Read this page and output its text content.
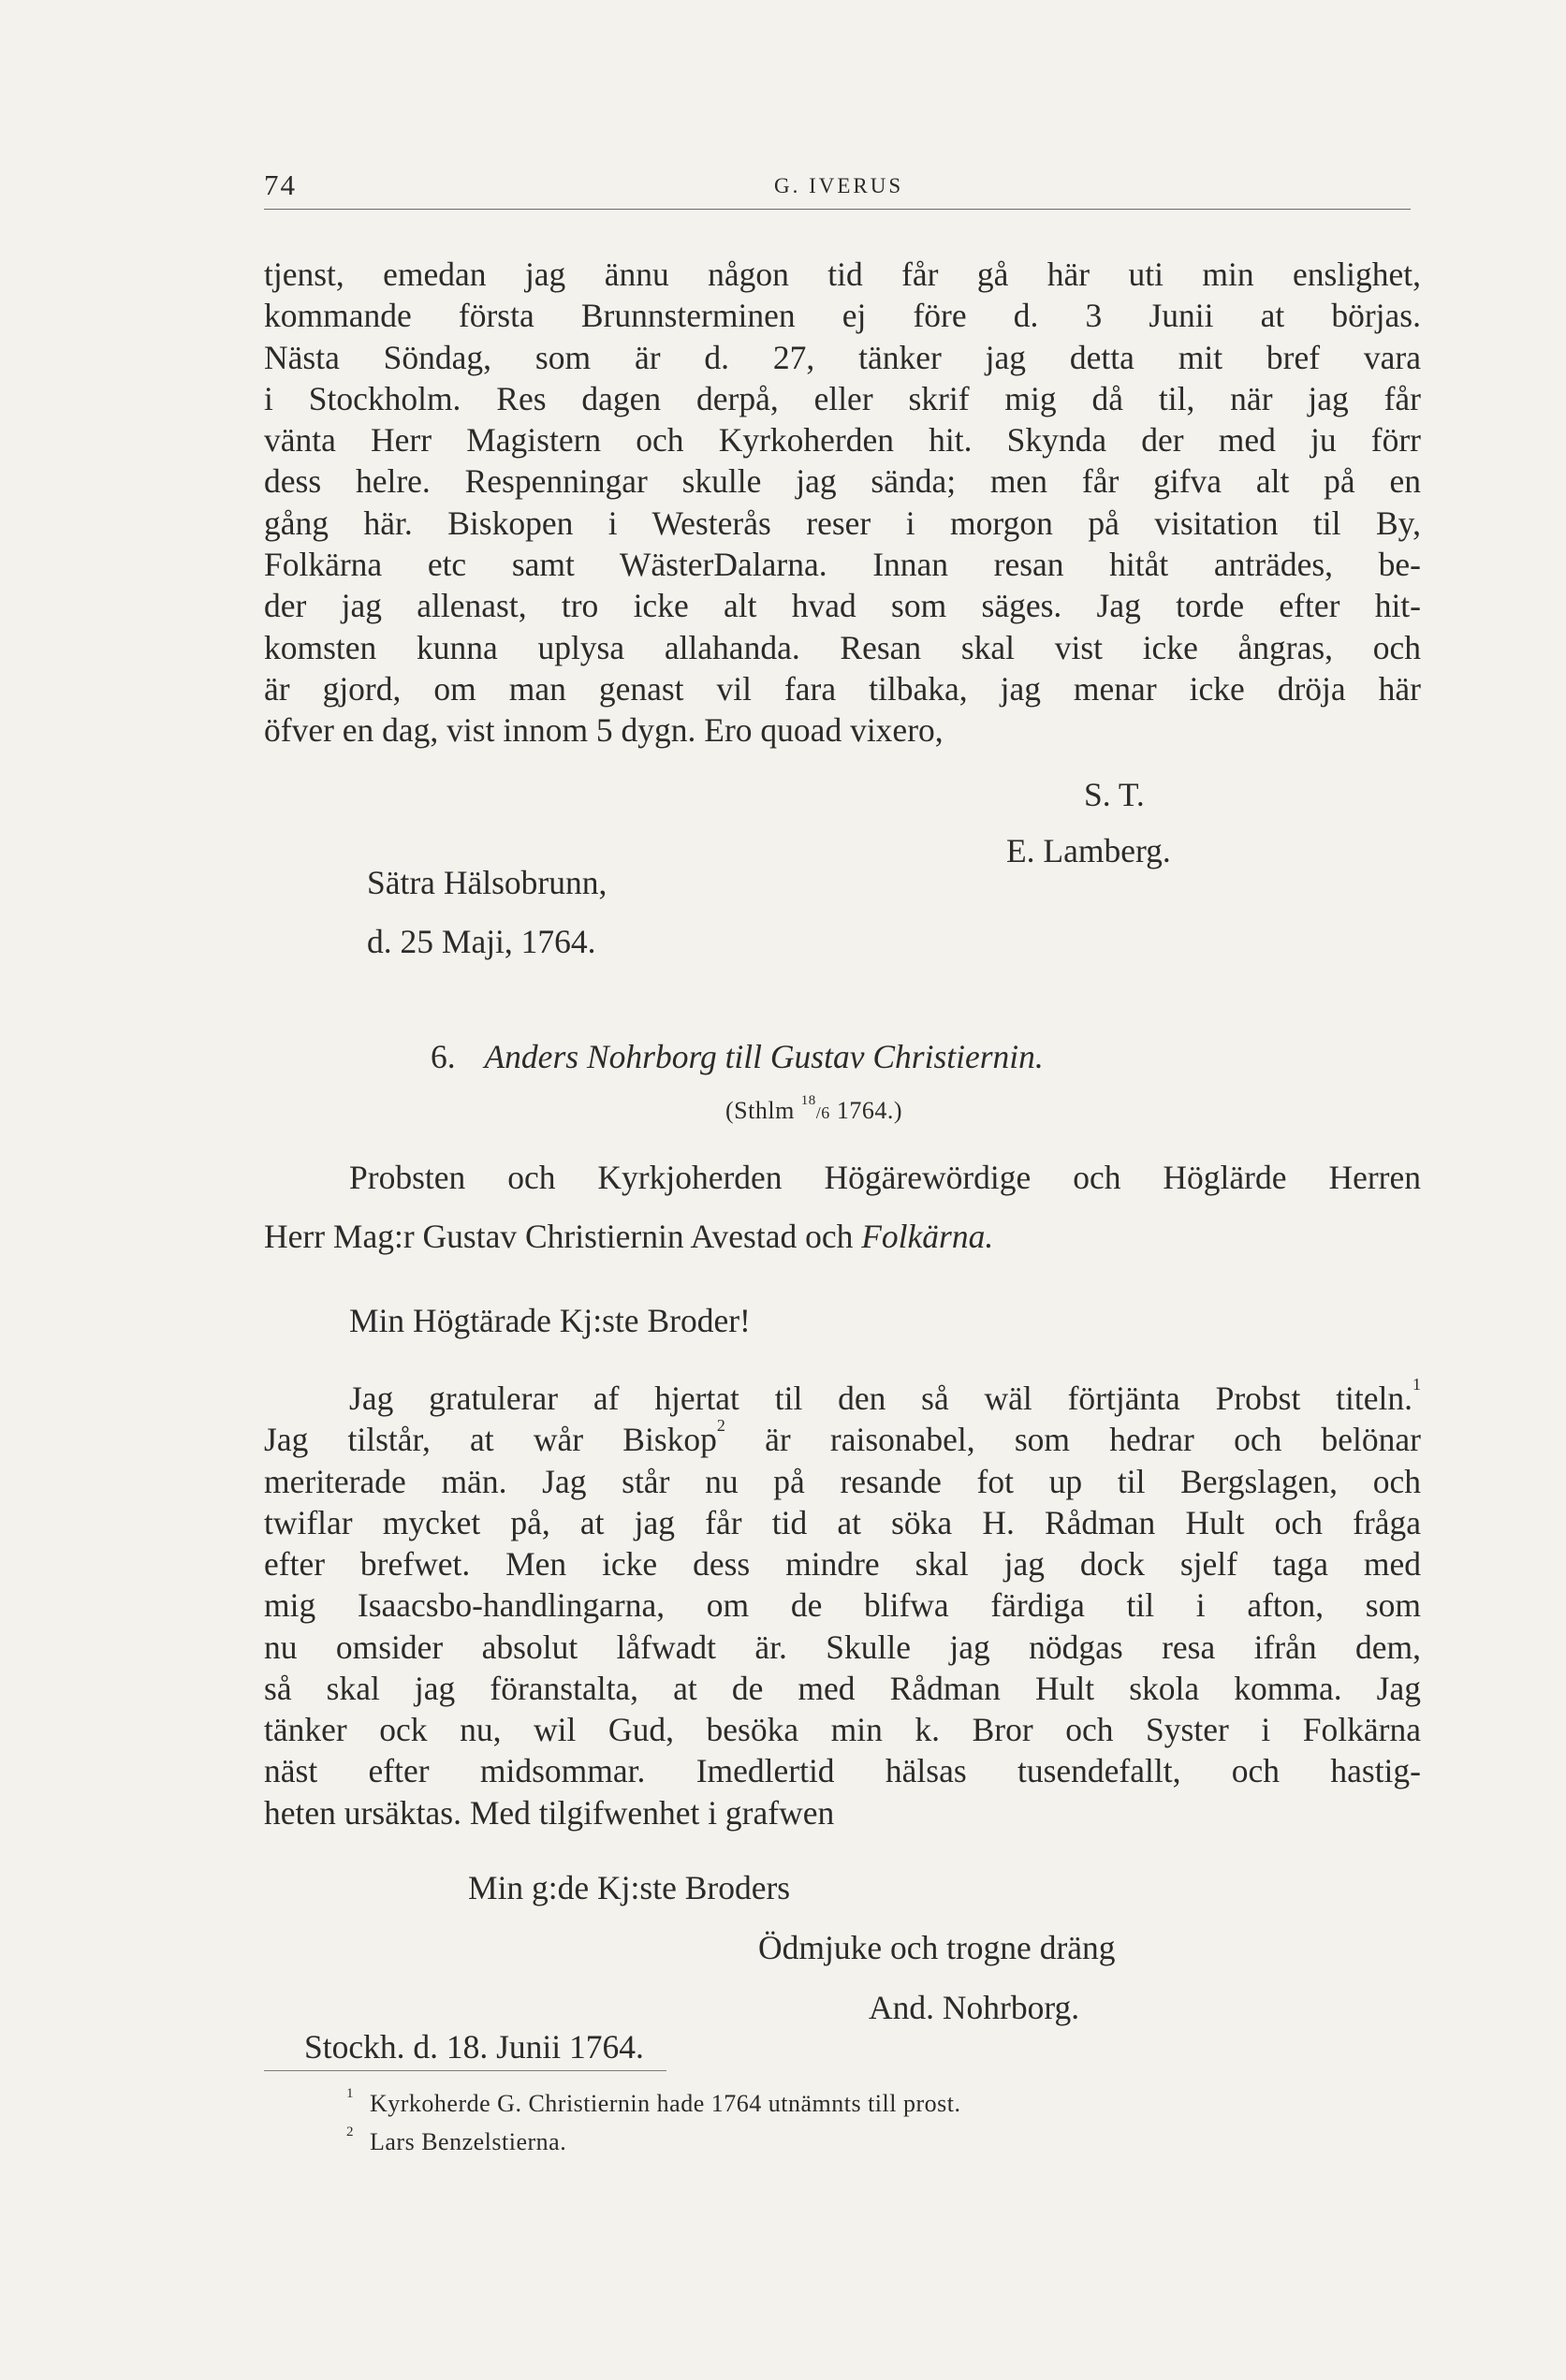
74	G. IVERUS
tjenst, emedan jag ännu någon tid får gå här uti min enslighet,
kommande första Brunnsterminen ej före d. 3 Junii at börjas.
Nästa Söndag, som är d. 27, tänker jag detta mit bref vara
i Stockholm. Res dagen derpå, eller skrif mig då til, när jag får
vänta Herr Magistern och Kyrkoherden hit. Skynda der med ju förr
dess helre. Respenningar skulle jag sända; men får gifva alt på en
gång här. Biskopen i Westerås reser i morgon på visitation til By,
Folkärna etc samt WästerDalarna. Innan resan hitåt anträdes, be-
der jag allenast, tro icke alt hvad som säges. Jag torde efter hit-
komsten kunna uplysa allahanda. Resan skal vist icke ångras, och
är gjord, om man genast vil fara tilbaka, jag menar icke dröja här
öfver en dag, vist innom 5 dygn. Ero quoad vixero,
S. T.
E. Lamberg.
Sätra Hälsobrunn,
d. 25 Maji, 1764.
6. Anders Nohrborg till Gustav Christiernin.
(Sthlm $^{18}$/6 1764.)
Probsten och Kyrkjoherden Högärewördige och Höglärde Herren
Herr Mag:r Gustav Christiernin Avestad och Folkärna.
Min Högtärade Kj:ste Broder!
Jag gratulerar af hjertat til den så wäl förtjänta Probst titeln.$^1$
Jag tilstår, at wår Biskop$^2$ är raisonabel, som hedrar och belönar
meriterade män. Jag står nu på resande fot up til Bergslagen, och
twiflar mycket på, at jag får tid at söka H. Rådman Hult och fråga
efter brefwet. Men icke dess mindre skal jag dock sjelf taga med
mig Isaacsbo-handlingarna, om de blifwa färdiga til i afton, som
nu omsider absolut låfwadt är. Skulle jag nödgas resa ifrån dem,
så skal jag föranstalta, at de med Rådman Hult skola komma. Jag
tänker ock nu, wil Gud, besöka min k. Bror och Syster i Folkärna
näst efter midsommar. Imedlertid hälsas tusendefallt, och hastig-
heten ursäktas. Med tilgifwenhet i grafwen
Min g:de Kj:ste Broders
Ödmjuke och trogne dräng
And. Nohrborg.
Stockh. d. 18. Junii 1764.
$^1$ Kyrkoherde G. Christiernin hade 1764 utnämnts till prost.
$^2$ Lars Benzelstierna.
